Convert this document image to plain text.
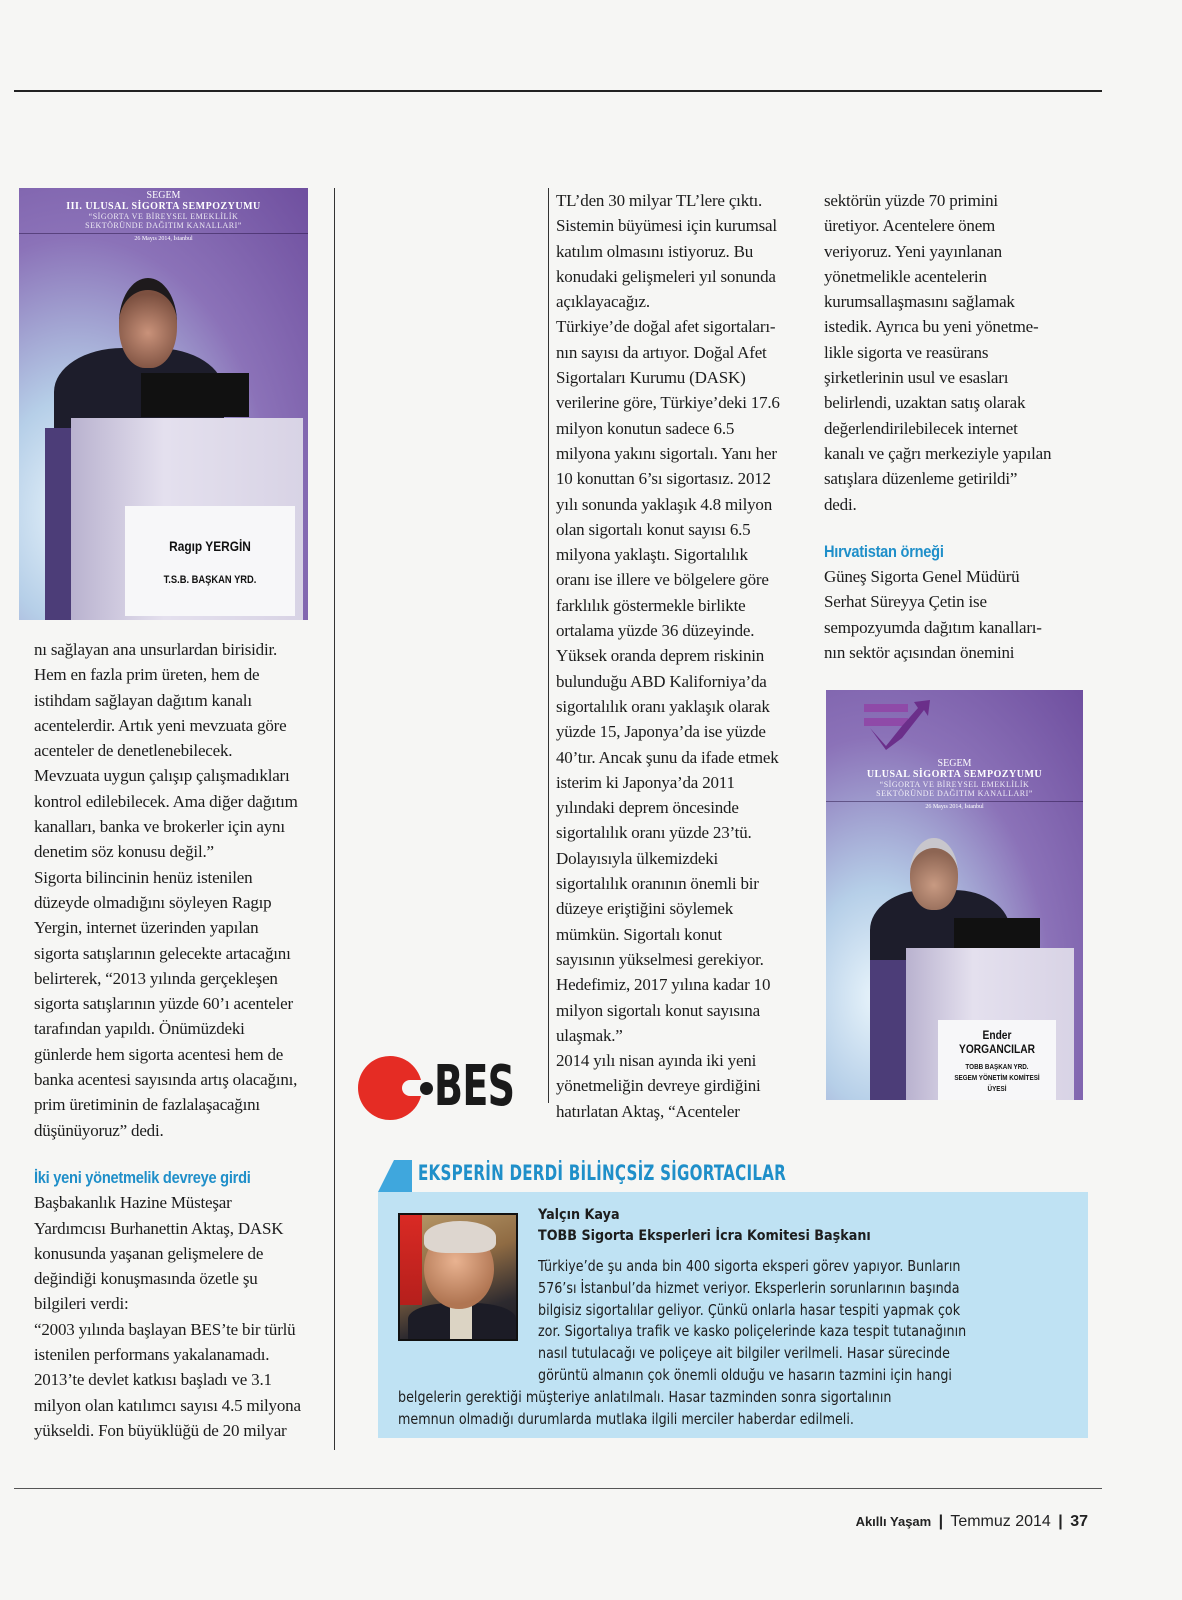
SEGEM
III. ULUSAL SİGORTA SEMPOZYUMU
“SİGORTA VE BİREYSEL EMEKLİLİK
SEKTÖRÜNDE DAĞITIM KANALLARI”
26 Mayıs 2014, İstanbul
Ragıp YERGİN
T.S.B. BAŞKAN YRD.
nı sağlayan ana unsurlardan birisidir.
Hem en fazla prim üreten, hem de
istihdam sağlayan dağıtım kanalı
acentelerdir. Artık yeni mevzuata göre
acenteler de denetlenebilecek.
Mevzuata uygun çalışıp çalışmadıkları
kontrol edilebilecek. Ama diğer dağıtım
kanalları, banka ve brokerler için aynı
denetim söz konusu değil.”
Sigorta bilincinin henüz istenilen
düzeyde olmadığını söyleyen Ragıp
Yergin, internet üzerinden yapılan
sigorta satışlarının gelecekte artacağını
belirterek, “2013 yılında gerçekleşen
sigorta satışlarının yüzde 60’ı acenteler
tarafından yapıldı. Önümüzdeki
günlerde hem sigorta acentesi hem de
banka acentesi sayısında artış olacağını,
prim üretiminin de fazlalaşacağını
düşünüyoruz” dedi.
İki yeni yönetmelik devreye girdi
Başbakanlık Hazine Müsteşar
Yardımcısı Burhanettin Aktaş, DASK
konusunda yaşanan gelişmelere de
değindiği konuşmasında özetle şu
bilgileri verdi:
“2003 yılında başlayan BES’te bir türlü
istenilen performans yakalanamadı.
2013’te devlet katkısı başladı ve 3.1
milyon olan katılımcı sayısı 4.5 milyona
yükseldi. Fon büyüklüğü de 20 milyar
TL’den 30 milyar TL’lere çıktı.
Sistemin büyümesi için kurumsal
katılım olmasını istiyoruz. Bu
konudaki gelişmeleri yıl sonunda
açıklayacağız.
Türkiye’de doğal afet sigortaları-
nın sayısı da artıyor. Doğal Afet
Sigortaları Kurumu (DASK)
verilerine göre, Türkiye’deki 17.6
milyon konutun sadece 6.5
milyona yakını sigortalı. Yanı her
10 konuttan 6’sı sigortasız. 2012
yılı sonunda yaklaşık 4.8 milyon
olan sigortalı konut sayısı 6.5
milyona yaklaştı. Sigortalılık
oranı ise illere ve bölgelere göre
farklılık göstermekle birlikte
ortalama yüzde 36 düzeyinde.
Yüksek oranda deprem riskinin
bulunduğu ABD Kaliforniya’da
sigortalılık oranı yaklaşık olarak
yüzde 15, Japonya’da ise yüzde
40’tır. Ancak şunu da ifade etmek
isterim ki Japonya’da 2011
yılındaki deprem öncesinde
sigortalılık oranı yüzde 23’tü.
Dolayısıyla ülkemizdeki
sigortalılık oranının önemli bir
düzeye eriştiğini söylemek
mümkün. Sigortalı konut
sayısının yükselmesi gerekiyor.
Hedefimiz, 2017 yılına kadar 10
milyon sigortalı konut sayısına
ulaşmak.”
2014 yılı nisan ayında iki yeni
yönetmeliğin devreye girdiğini
hatırlatan Aktaş, “Acenteler
sektörün yüzde 70 primini
üretiyor. Acentelere önem
veriyoruz. Yeni yayınlanan
yönetmelikle acentelerin
kurumsallaşmasını sağlamak
istedik. Ayrıca bu yeni yönetme-
likle sigorta ve reasürans
şirketlerinin usul ve esasları
belirlendi, uzaktan satış olarak
değerlendirilebilecek internet
kanalı ve çağrı merkeziyle yapılan
satışlara düzenleme getirildi”
dedi.
Hırvatistan örneği
Güneş Sigorta Genel Müdürü
Serhat Süreyya Çetin ise
sempozyumda dağıtım kanalları-
nın sektör açısından önemini
SEGEM
ULUSAL SİGORTA SEMPOZYUMU
“SİGORTA VE BİREYSEL EMEKLİLİK
SEKTÖRÜNDE DAĞITIM KANALLARI”
26 Mayıs 2014, İstanbul
Ender YORGANCILAR
TOBB BAŞKAN YRD.
SEGEM YÖNETİM KOMİTESİ
ÜYESİ
BES
EKSPERİN DERDİ BİLİNÇSİZ SİGORTACILAR
Yalçın Kaya
TOBB Sigorta Eksperleri İcra Komitesi Başkanı
Türkiye’de şu anda bin 400 sigorta eksperi görev yapıyor. Bunların
576’sı İstanbul’da hizmet veriyor. Eksperlerin sorunlarının başında
bilgisiz sigortalılar geliyor. Çünkü onlarla hasar tespiti yapmak çok
zor. Sigortalıya trafik ve kasko poliçelerinde kaza tespit tutanağının
nasıl tutulacağı ve poliçeye ait bilgiler verilmeli. Hasar sürecinde
görüntü almanın çok önemli olduğu ve hasarın tazmini için hangi
belgelerin gerektiği müşteriye anlatılmalı. Hasar tazminden sonra sigortalının
memnun olmadığı durumlarda mutlaka ilgili merciler haberdar edilmeli.
Akıllı Yaşam | Temmuz 2014 | 37
